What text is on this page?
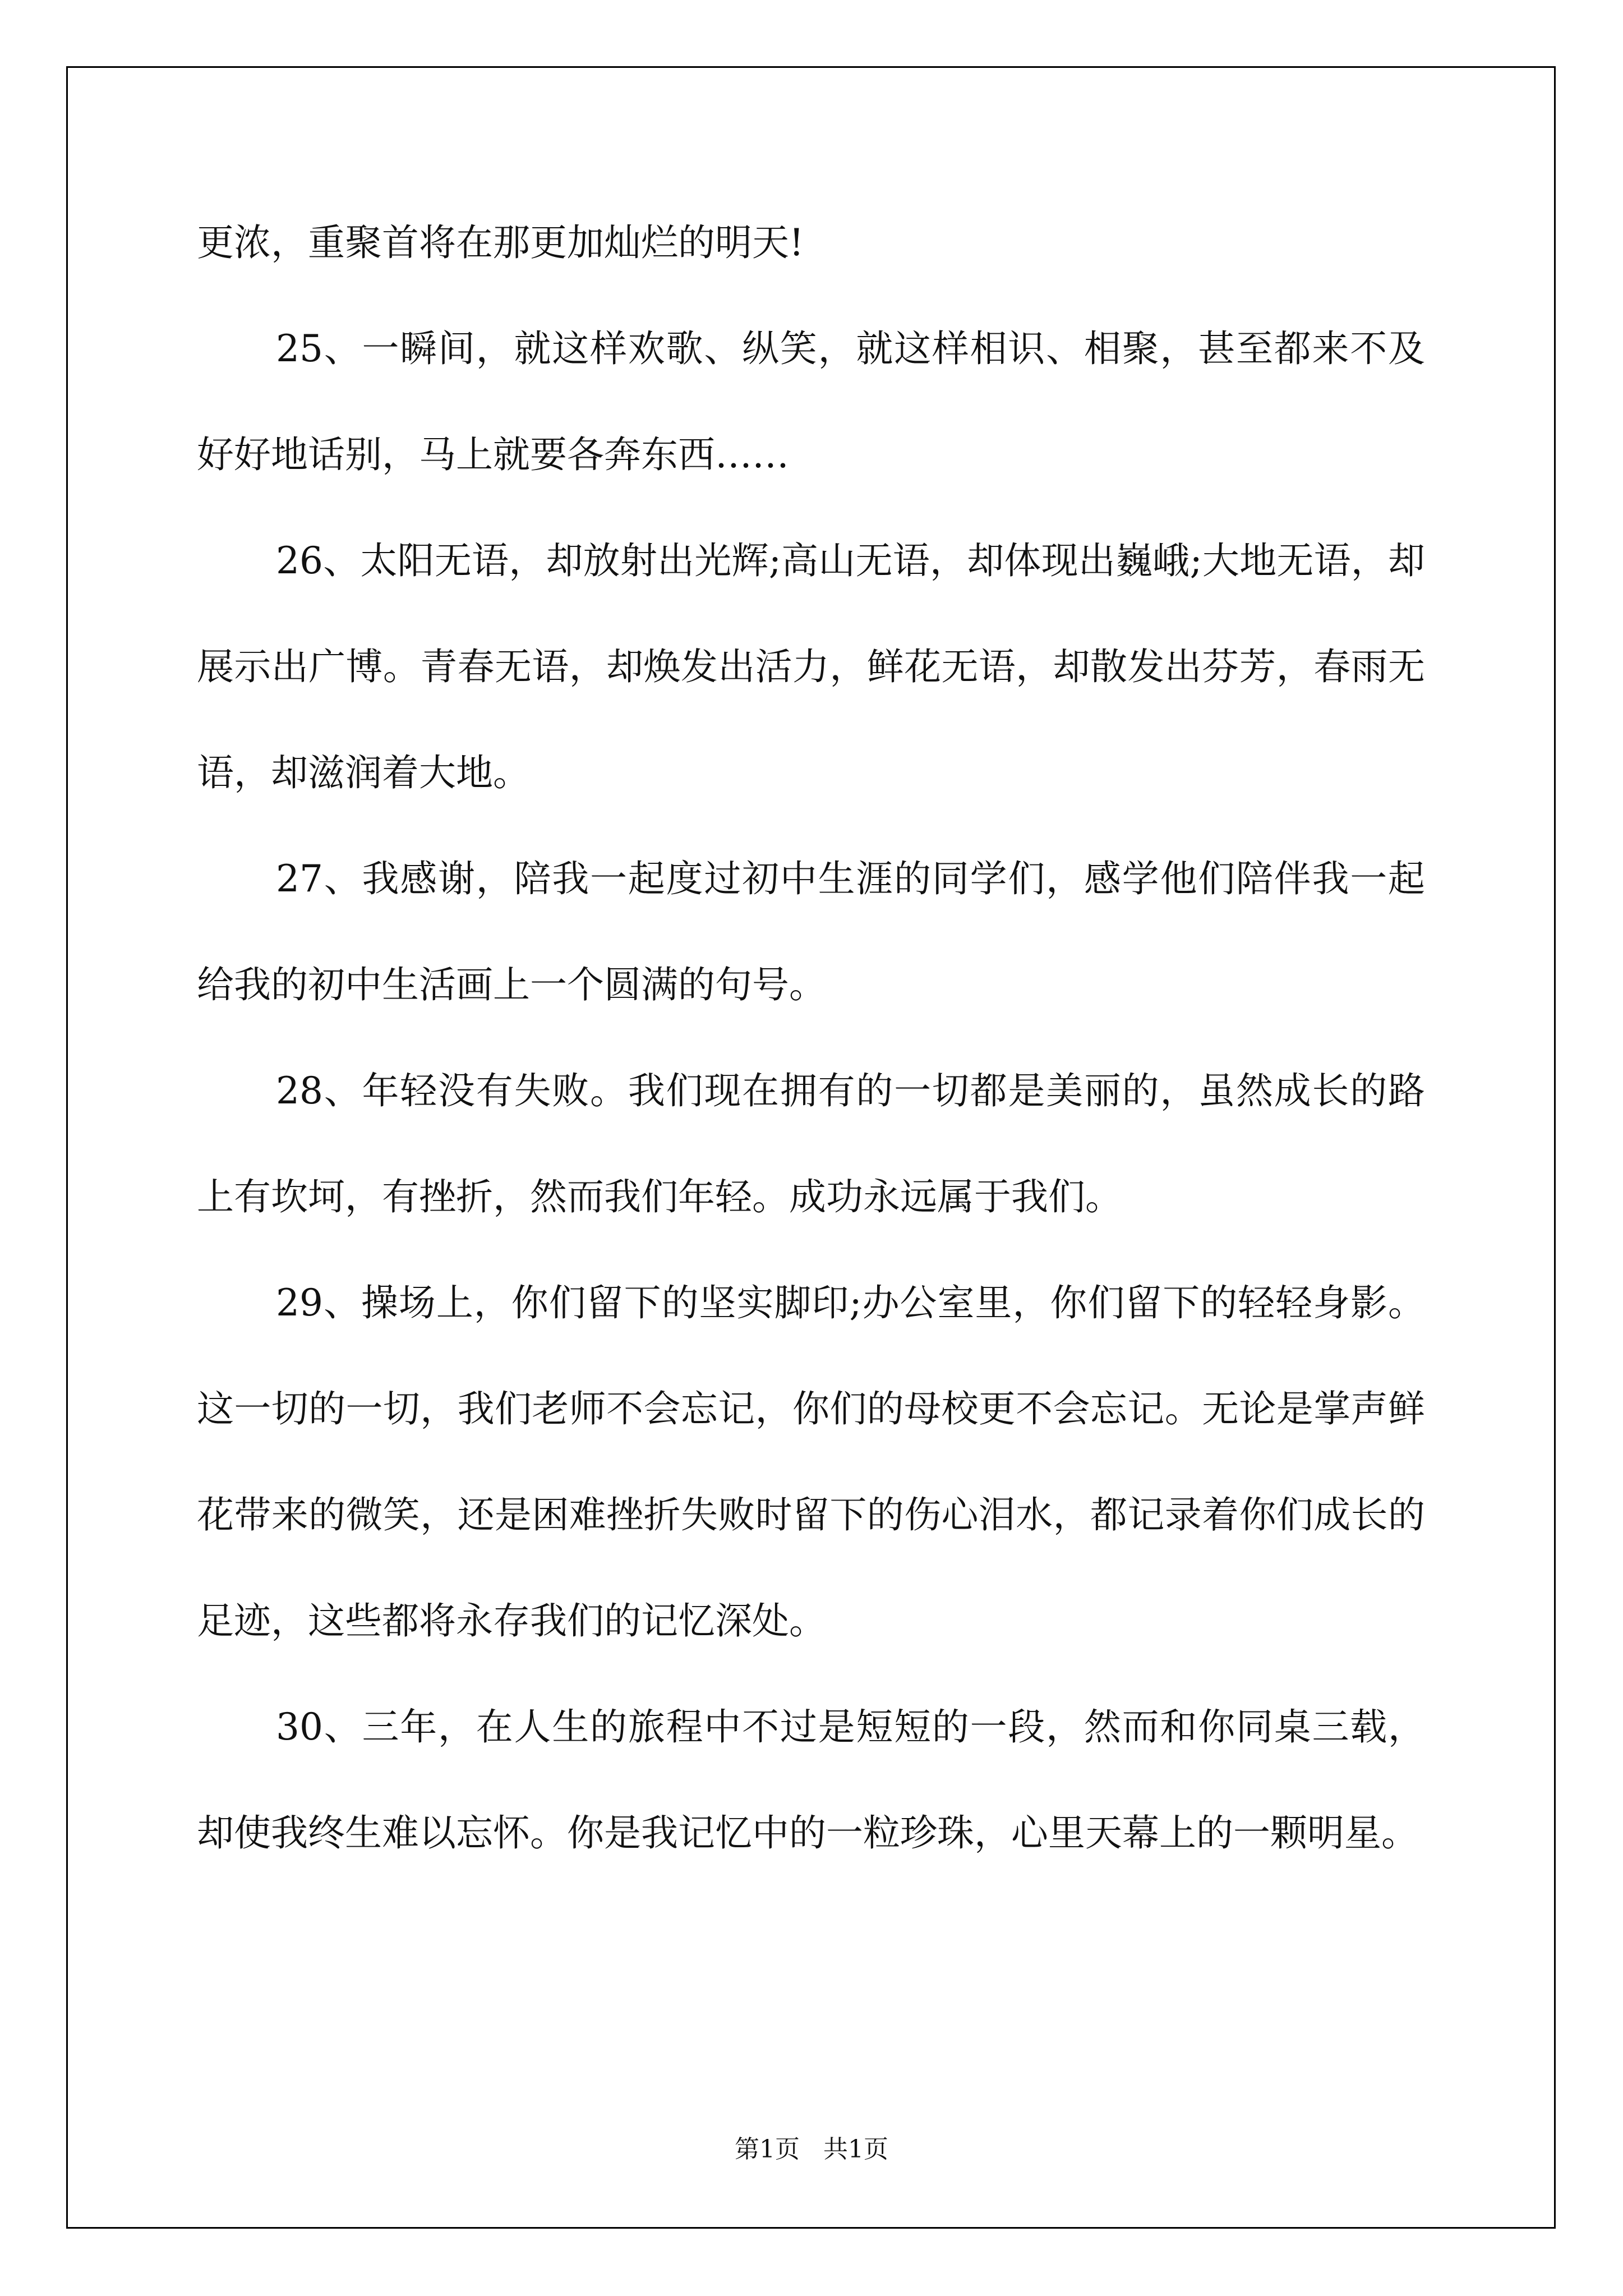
更浓，重聚首将在那更加灿烂的明天!

25、一瞬间，就这样欢歌、纵笑，就这样相识、相聚，甚至都来不及好好地话别，马上就要各奔东西……

26、太阳无语，却放射出光辉;高山无语，却体现出巍峨;大地无语，却展示出广博。青春无语，却焕发出活力，鲜花无语，却散发出芬芳，春雨无语，却滋润着大地。

27、我感谢，陪我一起度过初中生涯的同学们，感学他们陪伴我一起给我的初中生活画上一个圆满的句号。

28、年轻没有失败。我们现在拥有的一切都是美丽的，虽然成长的路上有坎坷，有挫折，然而我们年轻。成功永远属于我们。

29、操场上，你们留下的坚实脚印;办公室里，你们留下的轻轻身影。这一切的一切，我们老师不会忘记，你们的母校更不会忘记。无论是掌声鲜花带来的微笑，还是困难挫折失败时留下的伤心泪水，都记录着你们成长的足迹，这些都将永存我们的记忆深处。

30、三年，在人生的旅程中不过是短短的一段，然而和你同桌三载，却使我终生难以忘怀。你是我记忆中的一粒珍珠，心里天幕上的一颗明星。

第1页   共1页
